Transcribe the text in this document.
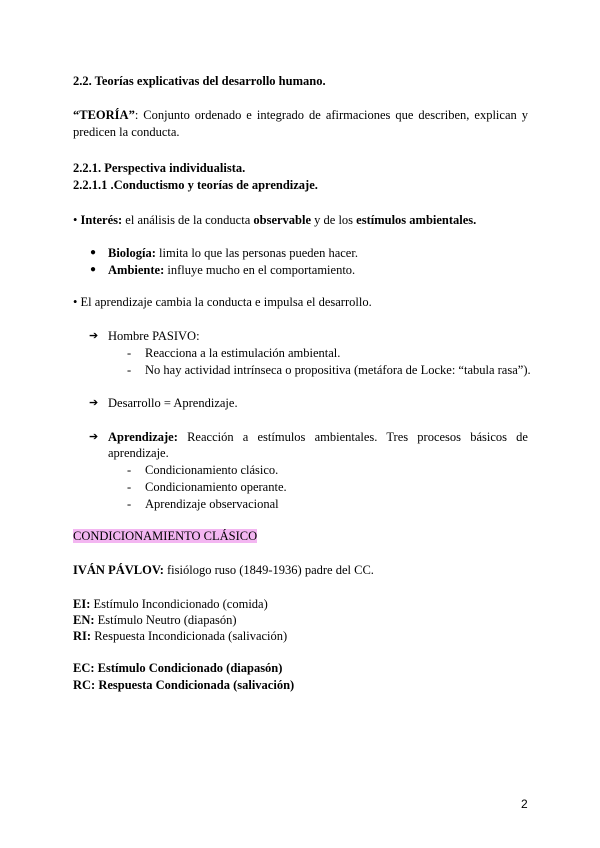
2.2. Teorías explicativas del desarrollo humano.
“TEORÍA”: Conjunto ordenado e integrado de afirmaciones que describen, explican y
predicen la conducta.
2.2.1. Perspectiva individualista.
2.2.1.1 .Conductismo y teorías de aprendizaje.
• Interés: el análisis de la conducta observable y de los estímulos ambientales.
● Biología: limita lo que las personas pueden hacer.
● Ambiente: influye mucho en el comportamiento.
• El aprendizaje cambia la conducta e impulsa el desarrollo.
➔ Hombre PASIVO:
- Reacciona a la estimulación ambiental.
- No hay actividad intrínseca o propositiva (metáfora de Locke: “tabula rasa”).
➔ Desarrollo = Aprendizaje.
➔ Aprendizaje: Reacción a estímulos ambientales. Tres procesos básicos de
aprendizaje.
- Condicionamiento clásico.
- Condicionamiento operante.
- Aprendizaje observacional
CONDICIONAMIENTO CLÁSICO
IVÁN PÁVLOV: fisiólogo ruso (1849-1936) padre del CC.
EI: Estímulo Incondicionado (comida)
EN: Estímulo Neutro (diapasón)
RI: Respuesta Incondicionada (salivación)
EC: Estímulo Condicionado (diapasón)
RC: Respuesta Condicionada (salivación)
2
